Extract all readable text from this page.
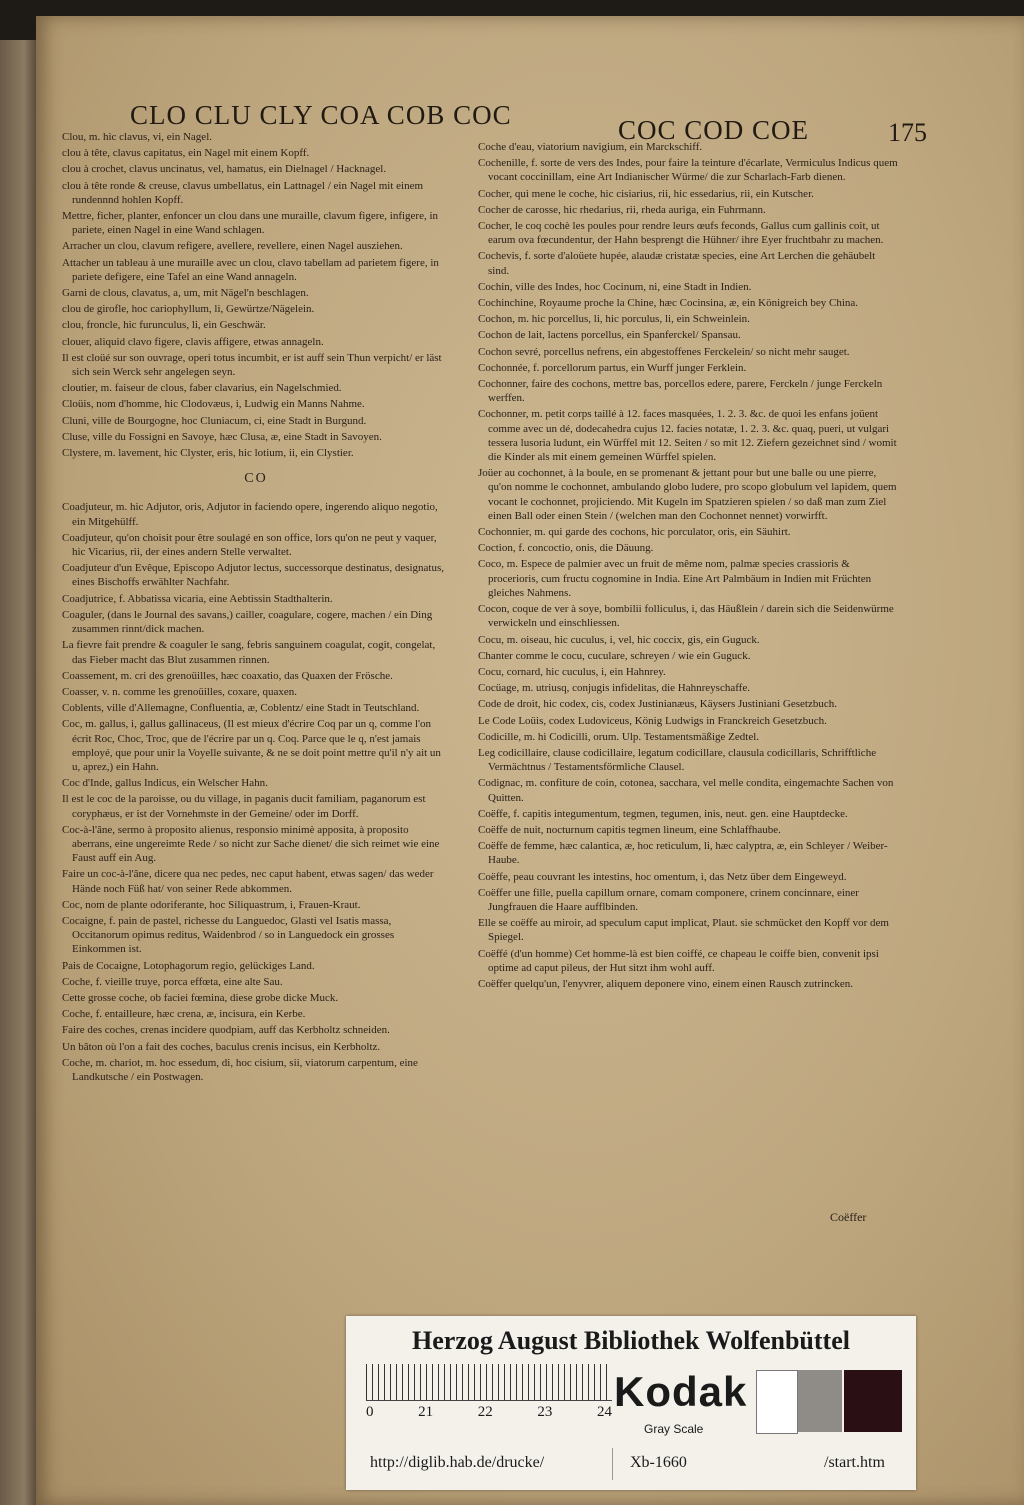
CLO CLU CLY COA COB COC	COC COD COE	175
Clou, m. hic clavus, vi, ein Nagel.
clou à tête, clavus capitatus, ein Nagel mit einem Kopff.
clou à crochet, clavus uncinatus, vel, hamatus, ein Dielnagel / Hacknagel.
clou à tête ronde & creuse, clavus umbellatus, ein Lattnagel / ein Nagel mit einem rundennnd hohlen Kopff.
Mettre, ficher, planter, enfoncer un clou dans une muraille, clavum figere, infigere, in pariete, einen Nagel in eine Wand schlagen.
Arracher un clou, clavum refigere, avellere, revellere, einen Nagel ausziehen.
Attacher un tableau à une muraille avec un clou, clavo tabellam ad parietem figere, in pariete defigere, eine Tafel an eine Wand annageln.
Garni de clous, clavatus, a, um, mit Nägel'n beschlagen.
clou de girofle, hoc cariophyllum, li, Gewürtze/Nägelein.
clou, froncle, hic furunculus, li, ein Geschwär.
clouer, aliquid clavo figere, clavis affigere, etwas annageln.
Il est cloüé sur son ouvrage, operi totus incumbit, er ist auff sein Thun verpicht/ er läst sich sein Werck sehr angelegen seyn.
cloutier, m. faiseur de clous, faber clavarius, ein Nagelschmied.
Cloüis, nom d'homme, hic Clodovæus, i, Ludwig ein Manns Nahme.
Cluni, ville de Bourgogne, hoc Cluniacum, ci, eine Stadt in Burgund.
Cluse, ville du Fossigni en Savoye, hæc Clusa, æ, eine Stadt in Savoyen.
Clystere, m. lavement, hic Clyster, eris, hic lotium, ii, ein Clystier.
CO
Coadjuteur, m. hic Adjutor, oris, Adjutor in faciendo opere, ingerendo aliquo negotio, ein Mitgehülff.
Coadjuteur, qu'on choisit pour être soulagé en son office, lors qu'on ne peut y vaquer, hic Vicarius, rii, der eines andern Stelle verwaltet.
Coadjuteur d'un Evêque, Episcopo Adjutor lectus, successorque destinatus, designatus, eines Bischoffs erwählter Nachfahr.
Coadjutrice, f. Abbatissa vicaria, eine Aebtissin Stadthalterin.
Coaguler, (dans le Journal des savans,) cailler, coagulare, cogere, machen / ein Ding zusammen rinnt/dick machen.
La fievre fait prendre & coaguler le sang, febris sanguinem coagulat, cogit, congelat, das Fieber macht das Blut zusammen rinnen.
Coassement, m. cri des grenoüilles, hæc coaxatio, das Quaxen der Frösche.
Coasser, v. n. comme les grenoüilles, coxare, quaxen.
Coblents, ville d'Allemagne, Confluentia, æ, Coblentz/ eine Stadt in Teutschland.
Coc, m. gallus, i, gallus gallinaceus, (Il est mieux d'écrire Coq par un q, comme l'on écrit Roc, Choc, Troc, que de l'écrire par un q. Coq. Parce que le q, n'est jamais employé, que pour unir la Voyelle suivante, & ne se doit point mettre qu'il n'y ait un u, aprez,) ein Hahn.
Coc d'Inde, gallus Indicus, ein Welscher Hahn.
Il est le coc de la paroisse, ou du village, in paganis ducit familiam, paganorum est coryphæus, er ist der Vornehmste in der Gemeine/ oder im Dorff.
Coc-à-l'âne, sermo à proposito alienus, responsio minimè apposita, à proposito aberrans, eine ungereimte Rede / so nicht zur Sache dienet/ die sich reimet wie eine Faust auff ein Aug.
Faire un coc-à-l'âne, dicere qua nec pedes, nec caput habent, etwas sagen/ das weder Hände noch Füß hat/ von seiner Rede abkommen.
Coc, nom de plante odoriferante, hoc Siliquastrum, i, Frauen-Kraut.
Cocaigne, f. pain de pastel, richesse du Languedoc, Glasti vel Isatis massa, Occitanorum opimus reditus, Waidenbrod / so in Languedock ein grosses Einkommen ist.
Pais de Cocaigne, Lotophagorum regio, gelückiges Land.
Coche, f. vieille truye, porca effœta, eine alte Sau.
Cette grosse coche, ob faciei fœmina, diese grobe dicke Muck.
Coche, f. entailleure, hæc crena, æ, incisura, ein Kerbe.
Faire des coches, crenas incidere quodpiam, auff das Kerbholtz schneiden.
Un bâton où l'on a fait des coches, baculus crenis incisus, ein Kerbholtz.
Coche, m. chariot, m. hoc essedum, di, hoc cisium, sii, viatorum carpentum, eine Landkutsche / ein Postwagen.
Coche d'eau, viatorium navigium, ein Marckschiff.
Cochenille, f. sorte de vers des Indes, pour faire la teinture d'écarlate, Vermiculus Indicus quem vocant coccinillam, eine Art Indianischer Würme/ die zur Scharlach-Farb dienen.
Cocher, qui mene le coche, hic cisiarius, rii, hic essedarius, rii, ein Kutscher.
Cocher de carosse, hic rhedarius, rii, rheda auriga, ein Fuhrmann.
Cocher, le coq cochè les poules pour rendre leurs œufs feconds, Gallus cum gallinis coit, ut earum ova fœcundentur, der Hahn besprengt die Hühner/ ihre Eyer fruchtbahr zu machen.
Cochevis, f. sorte d'aloüete hupée, alaudæ cristatæ species, eine Art Lerchen die gehäubelt sind.
Cochin, ville des Indes, hoc Cocinum, ni, eine Stadt in Indien.
Cochinchine, Royaume proche la Chine, hæc Cocinsina, æ, ein Königreich bey China.
Cochon, m. hic porcellus, li, hic porculus, li, ein Schweinlein.
Cochon de lait, lactens porcellus, ein Spanferckel/ Spansau.
Cochon sevré, porcellus nefrens, ein abgestoffenes Ferckelein/ so nicht mehr sauget.
Cochonnée, f. porcellorum partus, ein Wurff junger Ferklein.
Cochonner, faire des cochons, mettre bas, porcellos edere, parere, Ferckeln / junge Ferckeln werffen.
Cochonner, m. petit corps taillé à 12. faces masquées, 1. 2. 3. &c. de quoi les enfans joüent comme avec un dé, dodecahedra cujus 12. facies notatæ, 1. 2. 3. &c. quaq, pueri, ut vulgari tessera lusoria ludunt, ein Würffel mit 12. Seiten / so mit 12. Ziefern gezeichnet sind / womit die Kinder als mit einem gemeinen Würffel spielen.
Joüer au cochonnet, à la boule, en se promenant & jettant pour but une balle ou une pierre, qu'on nomme le cochonnet, ambulando globo ludere, pro scopo globulum vel lapidem, quem vocant le cochonnet, projiciendo. Mit Kugeln im Spatzieren spielen / so daß man zum Ziel einen Ball oder einen Stein / (welchen man den Cochonnet nennet) vorwirfft.
Cochonnier, m. qui garde des cochons, hic porculator, oris, ein Säuhirt.
Coction, f. concoctio, onis, die Däuung.
Coco, m. Espece de palmier avec un fruit de même nom, palmæ species crassioris & procerioris, cum fructu cognomine in India. Eine Art Palmbäum in Indien mit Früchten gleiches Nahmens.
Cocon, coque de ver à soye, bombilii folliculus, i, das Häußlein / darein sich die Seidenwürme verwickeln und einschliessen.
Cocu, m. oiseau, hic cuculus, i, vel, hic coccix, gis, ein Guguck.
Chanter comme le cocu, cuculare, schreyen / wie ein Guguck.
Cocu, cornard, hic cuculus, i, ein Hahnrey.
Cocüage, m. utriusq, conjugis infidelitas, die Hahnreyschaffe.
Code de droit, hic codex, cis, codex Justinianæus, Käysers Justiniani Gesetzbuch.
Le Code Loüis, codex Ludoviceus, König Ludwigs in Franckreich Gesetzbuch.
Codicille, m. hi Codicilli, orum. Ulp. Testamentsmäßige Zedtel.
Leg codicillaire, clause codicillaire, legatum codicillare, clausula codicillaris, Schrifftliche Vermächtnus / Testamentsförmliche Clausel.
Codignac, m. confiture de coin, cotonea, sacchara, vel melle condita, eingemachte Sachen von Quitten.
Coëffe, f. capitis integumentum, tegmen, tegumen, inis, neut. gen. eine Hauptdecke.
Coëffe de nuit, nocturnum capitis tegmen lineum, eine Schlaffhaube.
Coëffe de femme, hæc calantica, æ, hoc reticulum, li, hæc calyptra, æ, ein Schleyer / Weiber-Haube.
Coëffe, peau couvrant les intestins, hoc omentum, i, das Netz über dem Eingeweyd.
Coëffer une fille, puella capillum ornare, comam componere, crinem concinnare, einer Jungfrauen die Haare aufflbinden.
Elle se coëffe au miroir, ad speculum caput implicat, Plaut. sie schmücket den Kopff vor dem Spiegel.
Coëffé (d'un homme) Cet homme-là est bien coiffé, ce chapeau le coiffe bien, convenit ipsi optime ad caput pileus, der Hut sitzt ihm wohl auff.
Coëffer quelqu'un, l'enyvrer, aliquem deponere vino, einem einen Rausch zutrincken.
Coëffer
Herzog August Bibliothek Wolfenbüttel
0	21	22	23	24 Kodak
Gray Scale
http://diglib.hab.de/drucke/	Xb-1660	/start.htm
